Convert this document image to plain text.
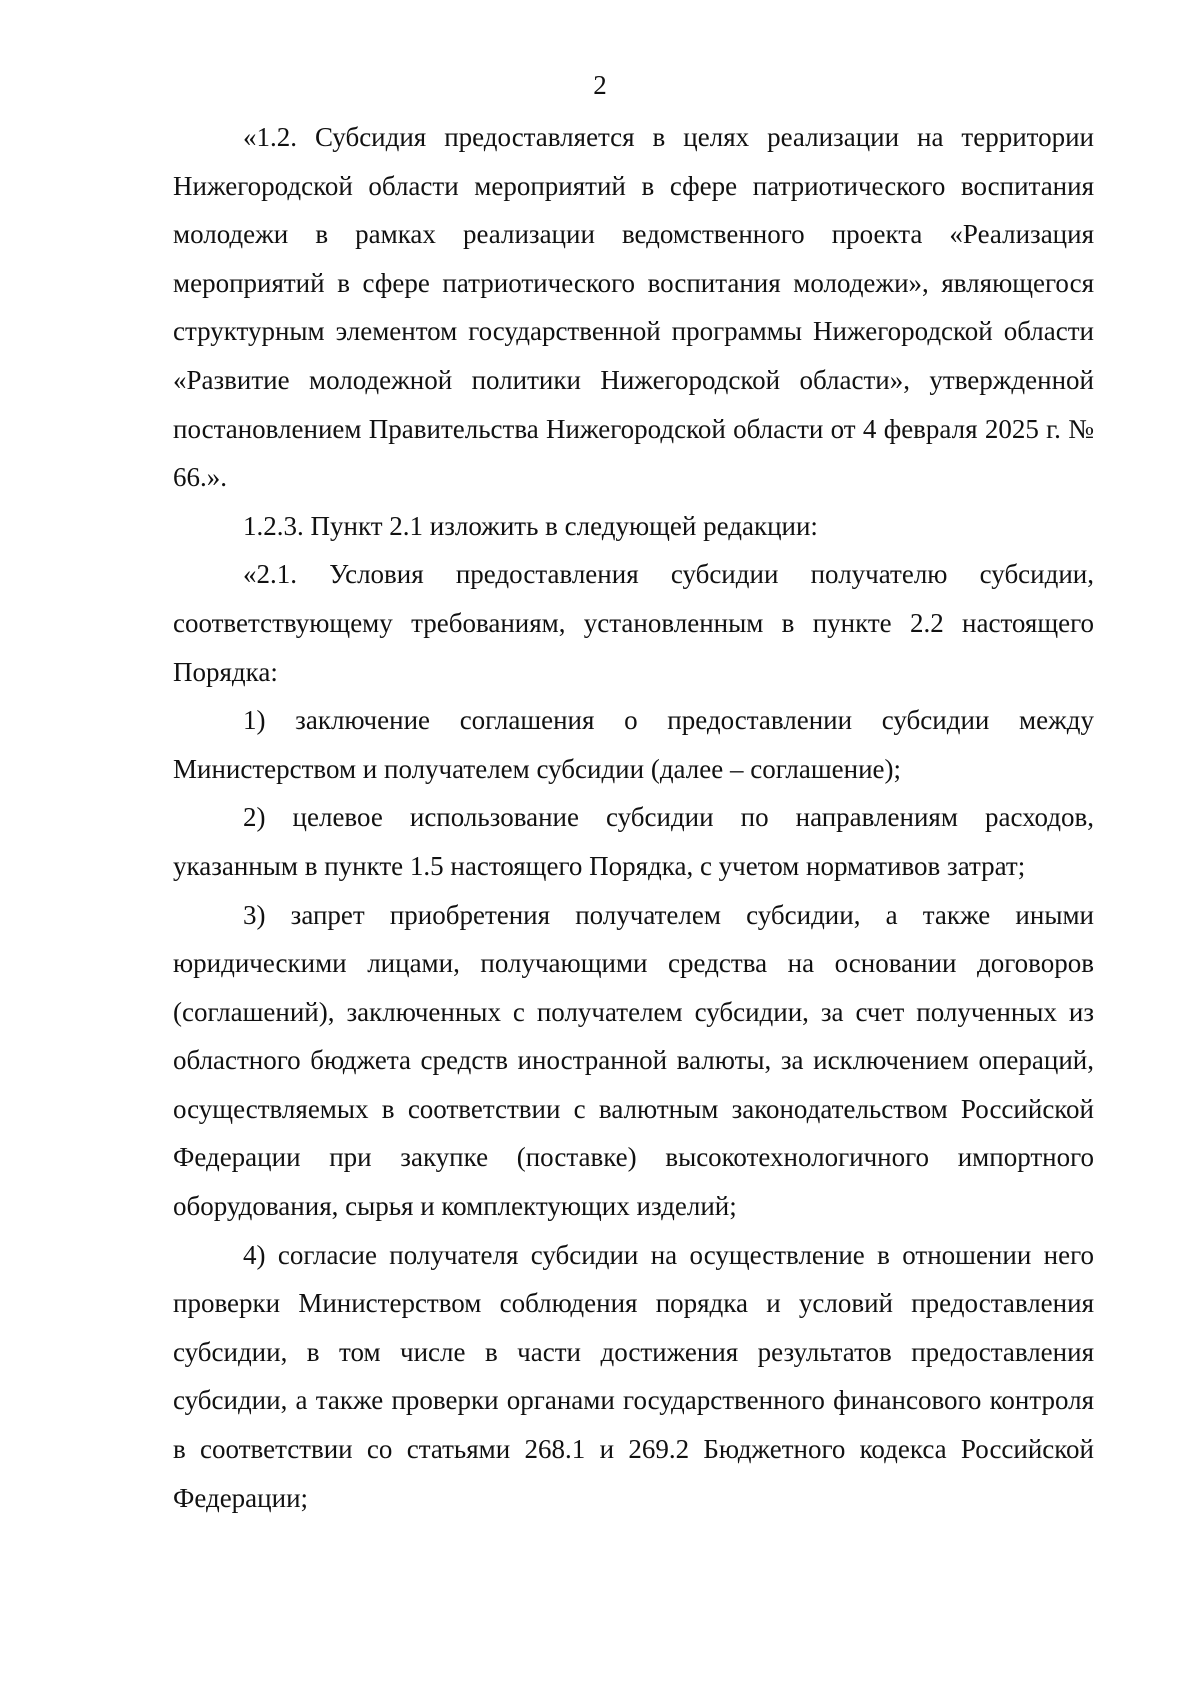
2

«1.2. Субсидия предоставляется в целях реализации на территории Нижегородской области мероприятий в сфере патриотического воспитания молодежи в рамках реализации ведомственного проекта «Реализация мероприятий в сфере патриотического воспитания молодежи», являющегося структурным элементом государственной программы Нижегородской области «Развитие молодежной политики Нижегородской области», утвержденной постановлением Правительства Нижегородской области от 4 февраля 2025 г. № 66.».

1.2.3. Пункт 2.1 изложить в следующей редакции:

«2.1. Условия предоставления субсидии получателю субсидии, соответствующему требованиям, установленным в пункте 2.2 настоящего Порядка:

1) заключение соглашения о предоставлении субсидии между Министерством и получателем субсидии (далее – соглашение);

2) целевое использование субсидии по направлениям расходов, указанным в пункте 1.5 настоящего Порядка, с учетом нормативов затрат;

3) запрет приобретения получателем субсидии, а также иными юридическими лицами, получающими средства на основании договоров (соглашений), заключенных с получателем субсидии, за счет полученных из областного бюджета средств иностранной валюты, за исключением операций, осуществляемых в соответствии с валютным законодательством Российской Федерации при закупке (поставке) высокотехнологичного импортного оборудования, сырья и комплектующих изделий;

4) согласие получателя субсидии на осуществление в отношении него проверки Министерством соблюдения порядка и условий предоставления субсидии, в том числе в части достижения результатов предоставления субсидии, а также проверки органами государственного финансового контроля в соответствии со статьями 268.1 и 269.2 Бюджетного кодекса Российской Федерации;
